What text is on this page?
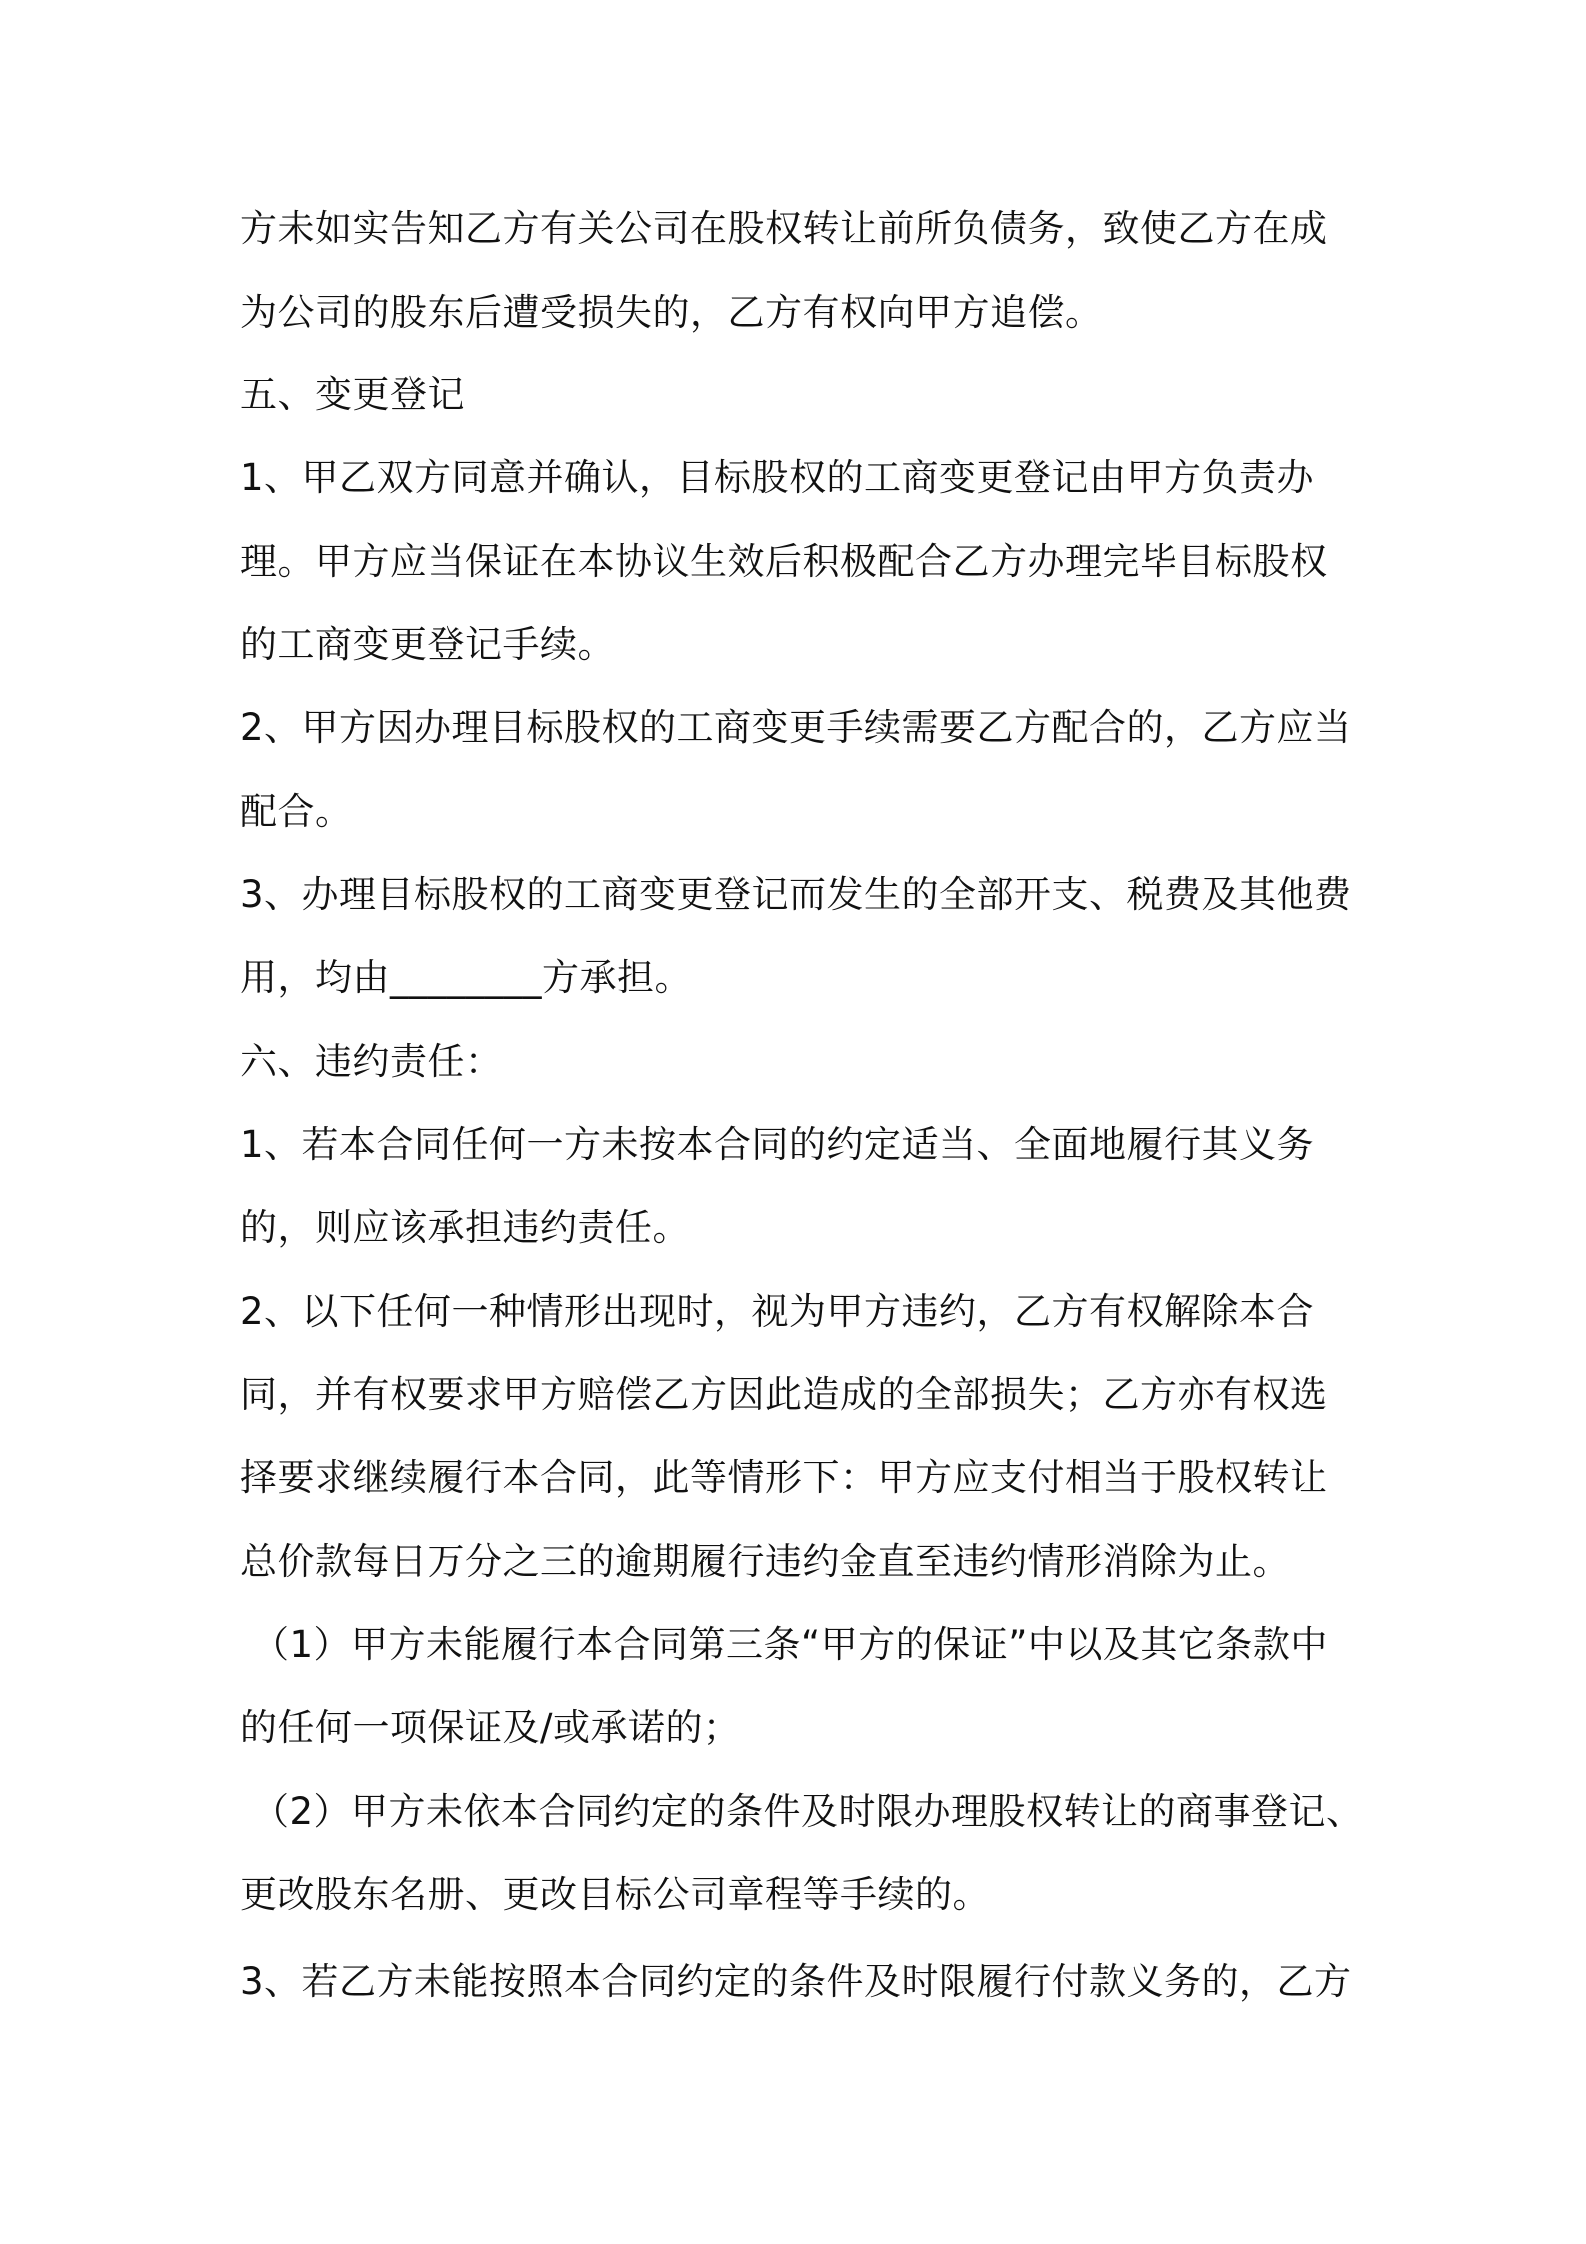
方未如实告知乙方有关公司在股权转让前所负债务，致使乙方在成
为公司的股东后遭受损失的，乙方有权向甲方追偿。
五、变更登记
1、甲乙双方同意并确认，目标股权的工商变更登记由甲方负责办
理。甲方应当保证在本协议生效后积极配合乙方办理完毕目标股权
的工商变更登记手续。
2、甲方因办理目标股权的工商变更手续需要乙方配合的，乙方应当
配合。
3、办理目标股权的工商变更登记而发生的全部开支、税费及其他费
用，均由________方承担。
六、违约责任：
1、若本合同任何一方未按本合同的约定适当、全面地履行其义务
的，则应该承担违约责任。
2、以下任何一种情形出现时，视为甲方违约，乙方有权解除本合
同，并有权要求甲方赔偿乙方因此造成的全部损失；乙方亦有权选
择要求继续履行本合同，此等情形下：甲方应支付相当于股权转让
总价款每日万分之三的逾期履行违约金直至违约情形消除为止。
（1）甲方未能履行本合同第三条“甲方的保证”中以及其它条款中
的任何一项保证及/或承诺的；
（2）甲方未依本合同约定的条件及时限办理股权转让的商事登记、
更改股东名册、更改目标公司章程等手续的。
3、若乙方未能按照本合同约定的条件及时限履行付款义务的，乙方
